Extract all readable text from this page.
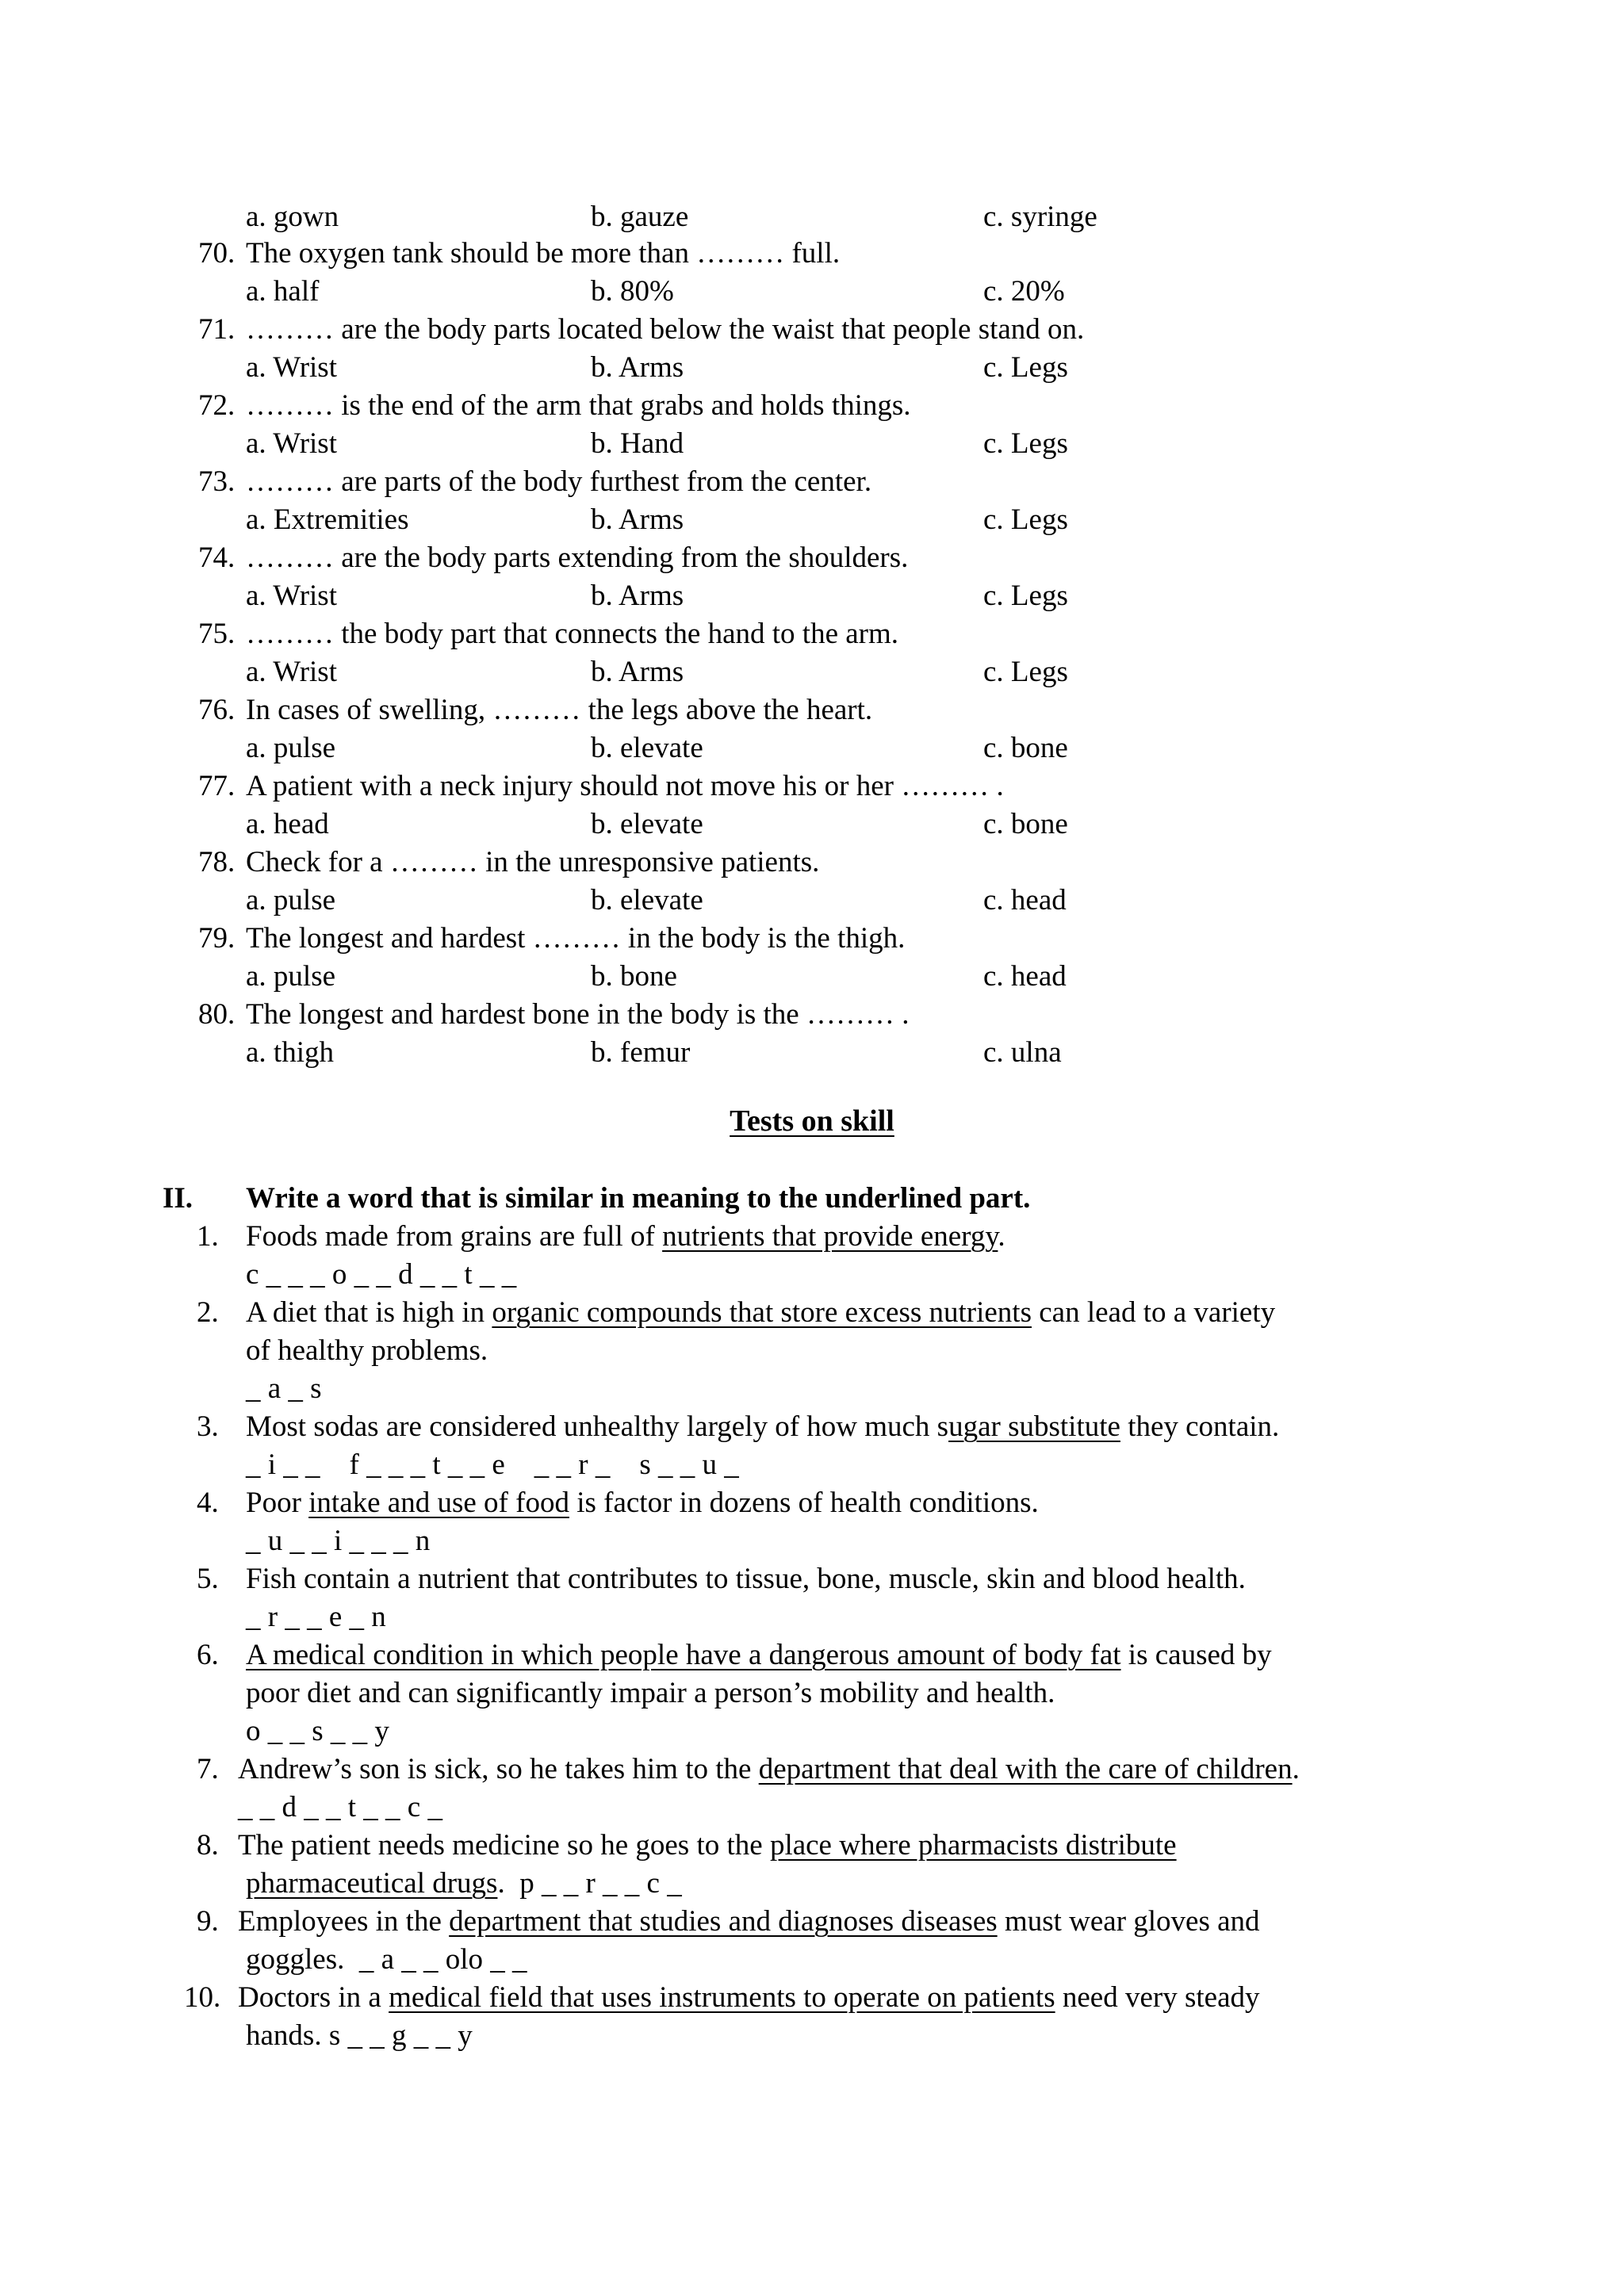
a. gown	b. gauze	c. syringe
70. The oxygen tank should be more than ……… full.
a. half	b. 80%	c. 20%
71. ……… are the body parts located below the waist that people stand on.
a. Wrist	b. Arms	c. Legs
72. ……… is the end of the arm that grabs and holds things.
a. Wrist	b. Hand	c. Legs
73. ……… are parts of the body furthest from the center.
a. Extremities	b. Arms	c. Legs
74. ……… are the body parts extending from the shoulders.
a. Wrist	b. Arms	c. Legs
75. ……… the body part that connects the hand to the arm.
a. Wrist	b. Arms	c. Legs
76. In cases of swelling, ……… the legs above the heart.
a. pulse	b. elevate	c. bone
77. A patient with a neck injury should not move his or her ……… .
a. head	b. elevate	c. bone
78. Check for a ……… in the unresponsive patients.
a. pulse	b. elevate	c. head
79. The longest and hardest ……… in the body is the thigh.
a. pulse	b. bone	c. head
80. The longest and hardest bone in the body is the ……… .
a. thigh	b. femur	c. ulna
Tests on skill
II. Write a word that is similar in meaning to the underlined part.
1. Foods made from grains are full of nutrients that provide energy.
c _ _ _ o _ _ d _ _ t _ _
2. A diet that is high in organic compounds that store excess nutrients can lead to a variety
of healthy problems.
_ a _ s
3. Most sodas are considered unhealthy largely of how much sugar substitute they contain.
_ i _ _    f _ _ _ t _ _ e    _ _ r _    s _ _ u _
4. Poor intake and use of food is factor in dozens of health conditions.
_ u _ _ i _ _ _ n
5. Fish contain a nutrient that contributes to tissue, bone, muscle, skin and blood health.
_ r _ _ e _ n
6. A medical condition in which people have a dangerous amount of body fat is caused by
poor diet and can significantly impair a person’s mobility and health.
o _ _ s _ _ y
7. Andrew’s son is sick, so he takes him to the department that deal with the care of children.
_ _ d _ _ t _ _ c _
8. The patient needs medicine so he goes to the place where pharmacists distribute
pharmaceutical drugs.  p _ _ r _ _ c _
9. Employees in the department that studies and diagnoses diseases must wear gloves and
goggles.  _ a _ _ olo _ _
10. Doctors in a medical field that uses instruments to operate on patients need very steady
hands. s _ _ g _ _ y
